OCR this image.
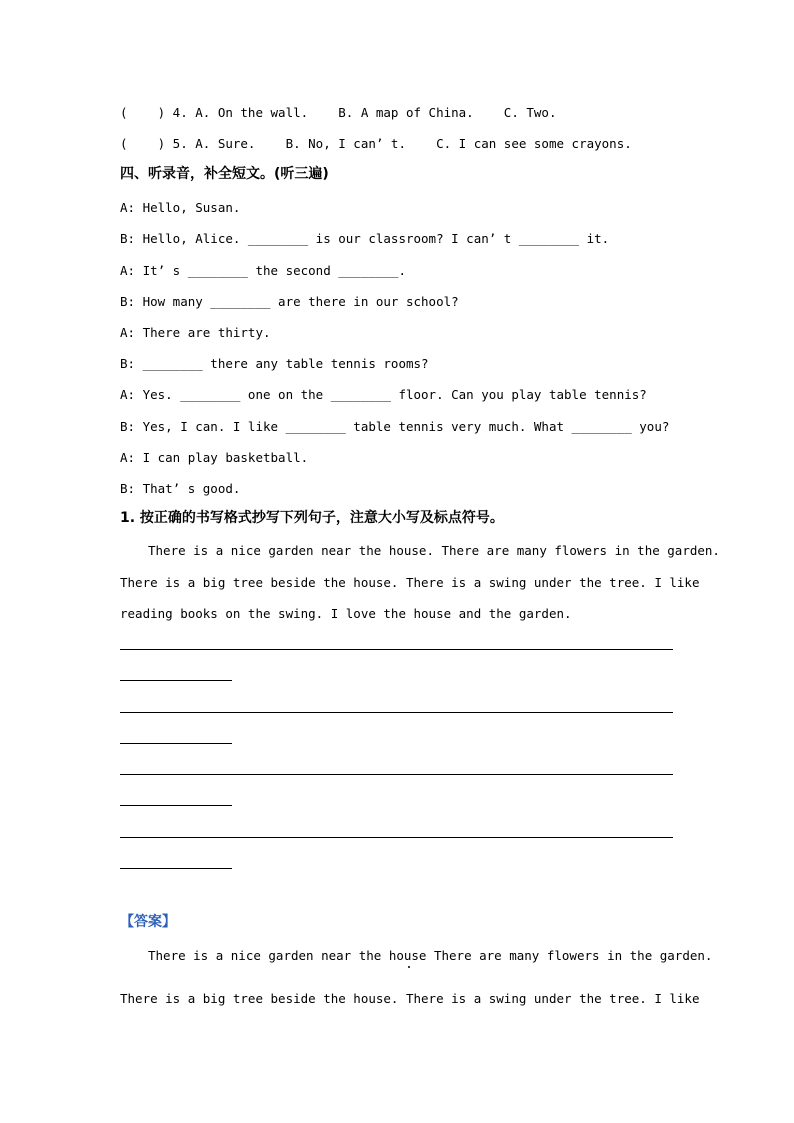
(    ) 4. A. On the wall.    B. A map of China.    C. Two.
(    ) 5. A. Sure.    B. No, I can’ t.    C. I can see some crayons.
四、听录音，补全短文。(听三遍)
A: Hello, Susan.
B: Hello, Alice. ________ is our classroom? I can’ t ________ it.
A: It’ s ________ the second ________.
B: How many ________ are there in our school?
A: There are thirty.
B: ________ there any table tennis rooms?
A: Yes. ________ one on the ________ floor. Can you play table tennis?
B: Yes, I can. I like ________ table tennis very much. What ________ you?
A: I can play basketball.
B: That’ s good.
1. 按正确的书写格式抄写下列句子，注意大小写及标点符号。
There is a nice garden near the house. There are many flowers in the garden.
There is a big tree beside the house. There is a swing under the tree. I like
reading books on the swing. I love the house and the garden.
【答案】
There is a nice garden near the house There are many flowers in the garden.
There is a big tree beside the house. There is a swing under the tree. I like
